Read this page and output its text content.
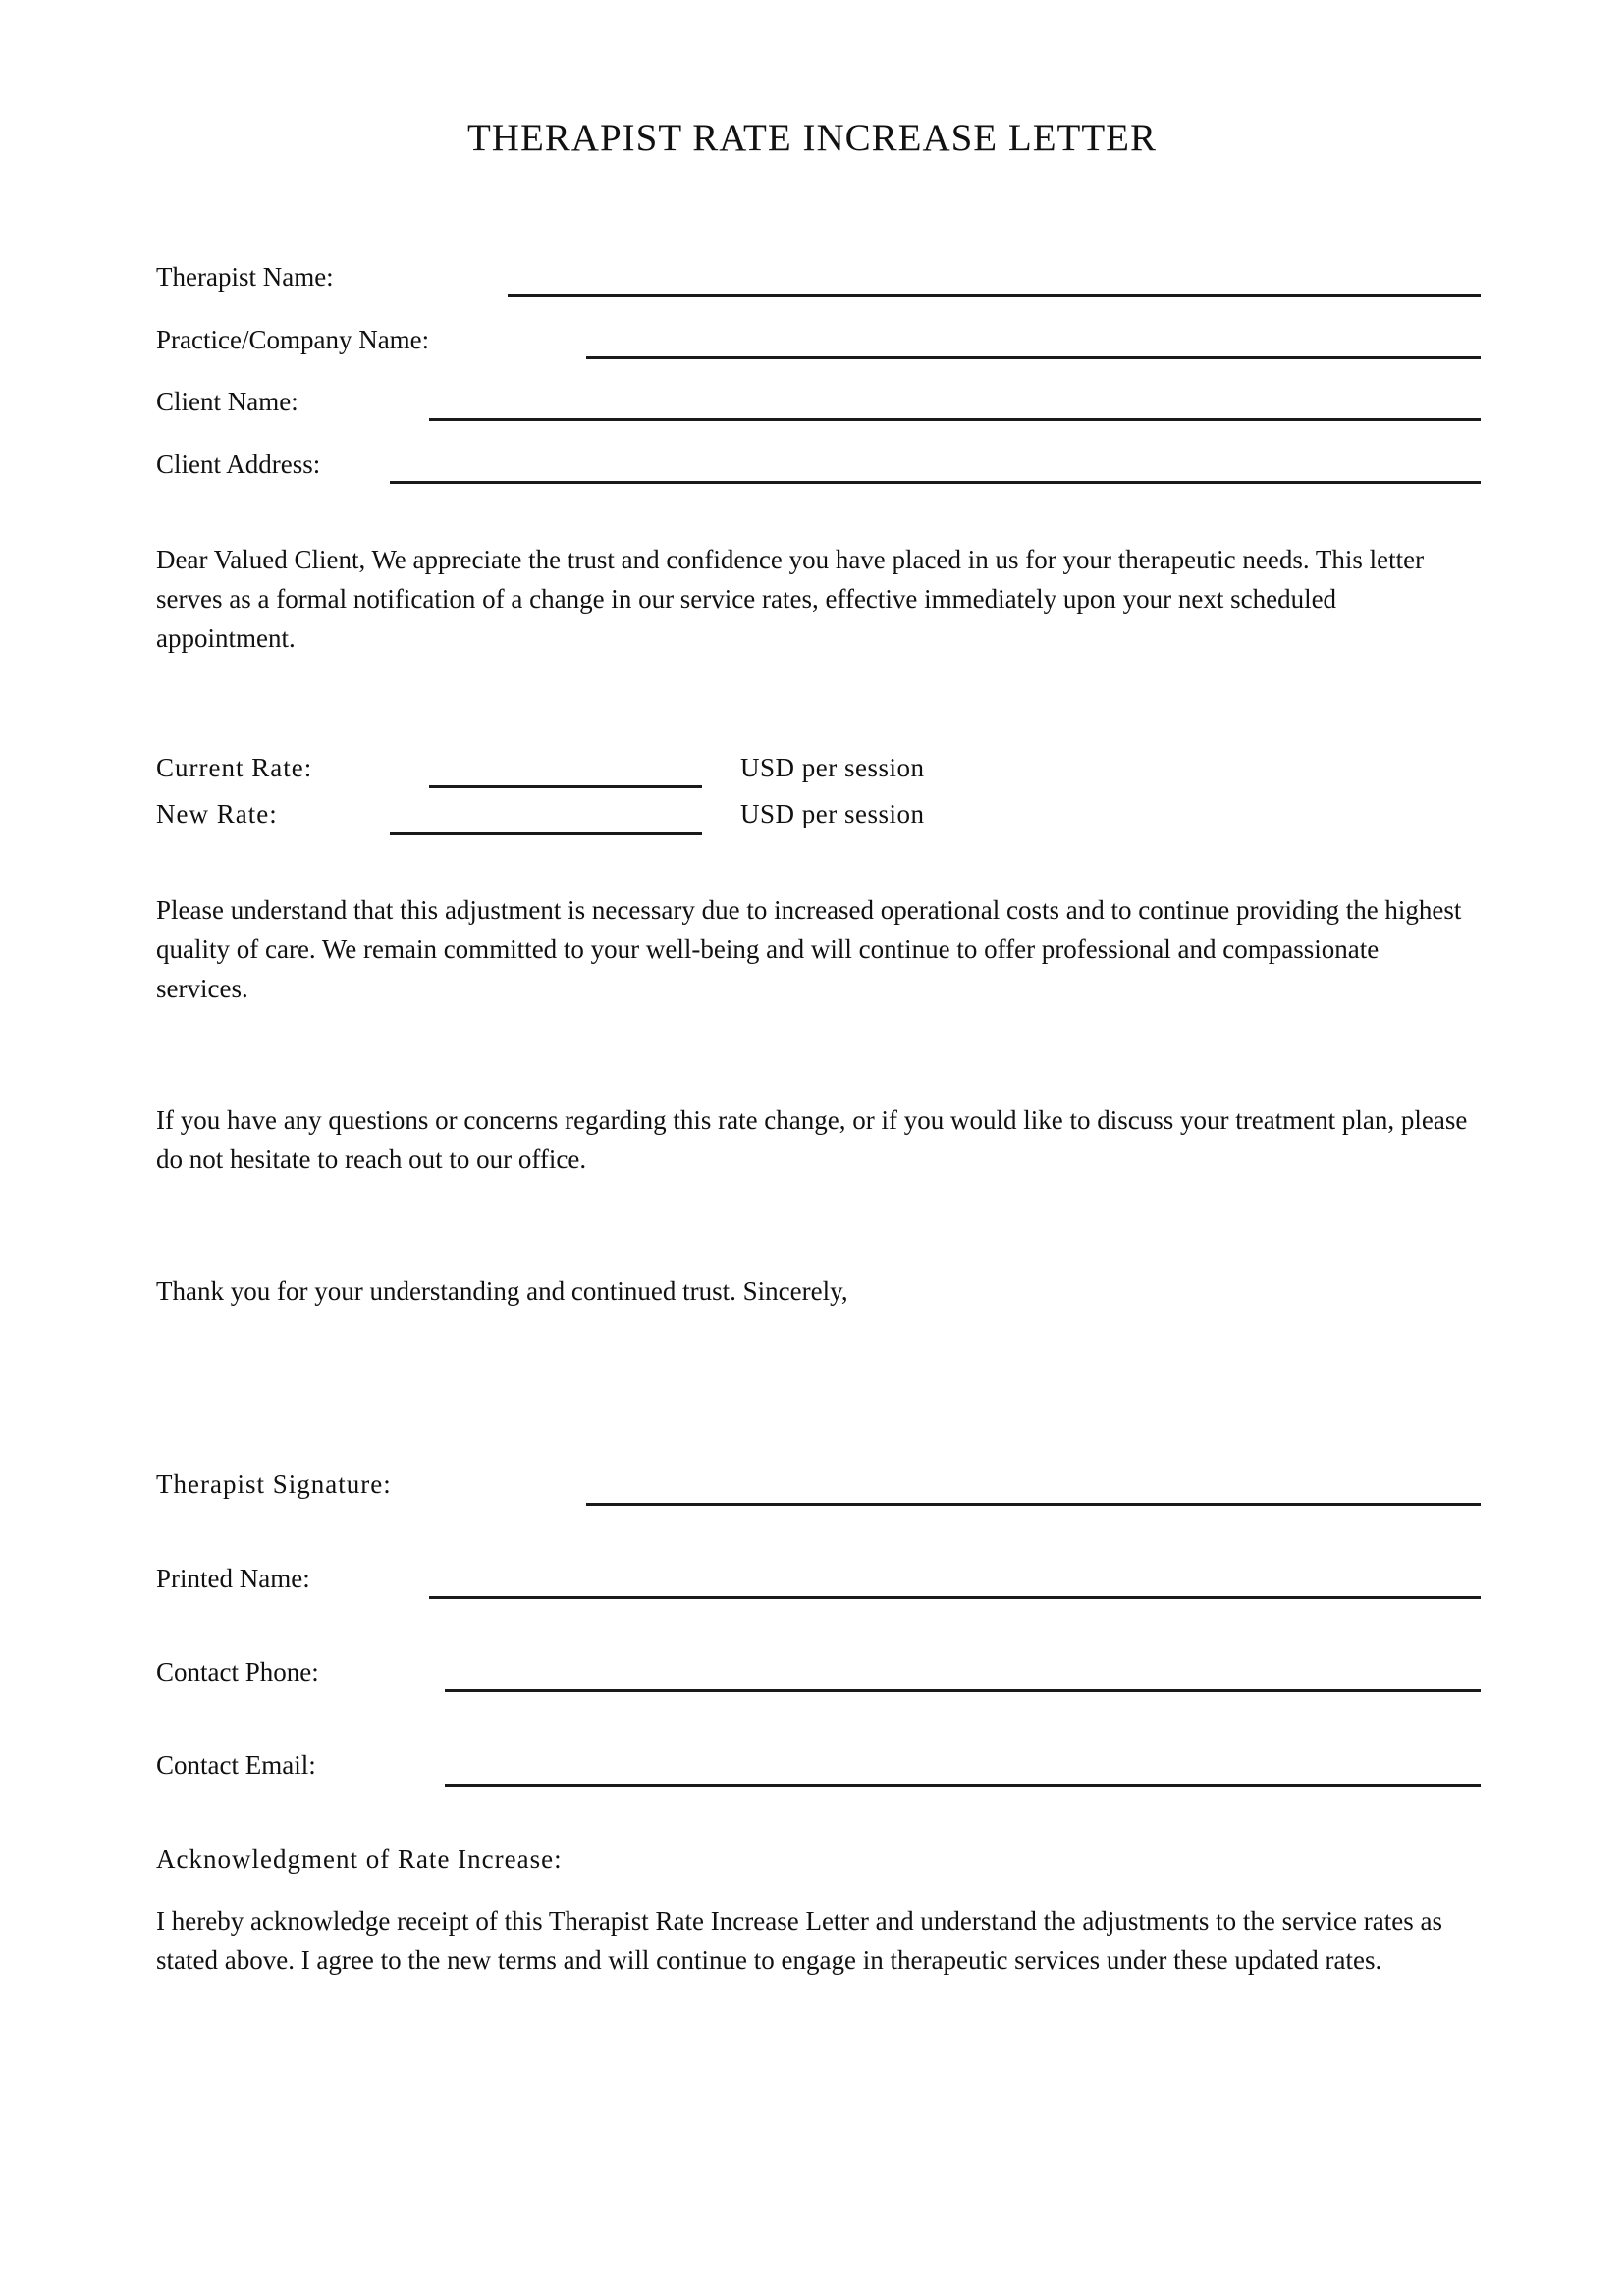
THERAPIST RATE INCREASE LETTER
Therapist Name:
Practice/Company Name:
Client Name:
Client Address:
Dear Valued Client, We appreciate the trust and confidence you have placed in us for your therapeutic needs. This letter serves as a formal notification of a change in our service rates, effective immediately upon your next scheduled appointment.
Current Rate:	USD per session
New Rate:	USD per session
Please understand that this adjustment is necessary due to increased operational costs and to continue providing the highest quality of care. We remain committed to your well-being and will continue to offer professional and compassionate services.
If you have any questions or concerns regarding this rate change, or if you would like to discuss your treatment plan, please do not hesitate to reach out to our office.
Thank you for your understanding and continued trust. Sincerely,
Therapist Signature:
Printed Name:
Contact Phone:
Contact Email:
Acknowledgment of Rate Increase:
I hereby acknowledge receipt of this Therapist Rate Increase Letter and understand the adjustments to the service rates as stated above. I agree to the new terms and will continue to engage in therapeutic services under these updated rates.
